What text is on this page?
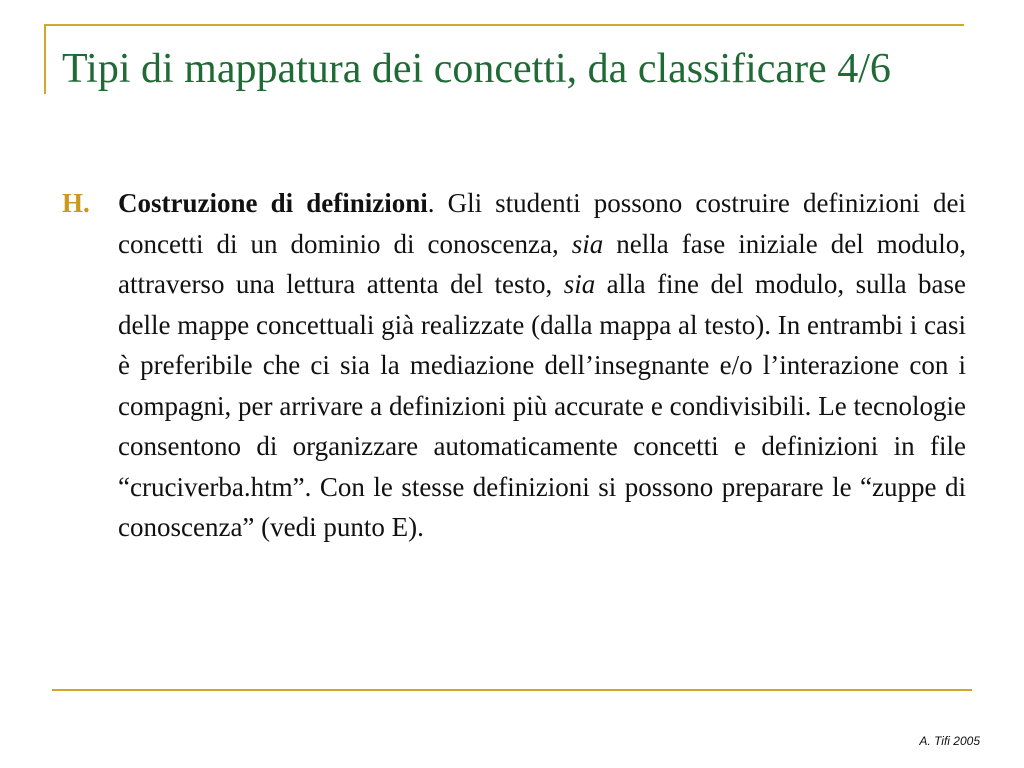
Tipi di mappatura dei concetti, da classificare 4/6
H.	Costruzione di definizioni. Gli studenti possono costruire definizioni dei concetti di un dominio di conoscenza, sia nella fase iniziale del modulo, attraverso una lettura attenta del testo, sia alla fine del modulo, sulla base delle mappe concettuali già realizzate (dalla mappa al testo). In entrambi i casi è preferibile che ci sia la mediazione dell’insegnante e/o l’interazione con i compagni, per arrivare a definizioni più accurate e condivisibili. Le tecnologie consentono di organizzare automaticamente concetti e definizioni in file “cruciverba.htm”. Con le stesse definizioni si possono preparare le “zuppe di conoscenza” (vedi punto E).
A. Tifi 2005
